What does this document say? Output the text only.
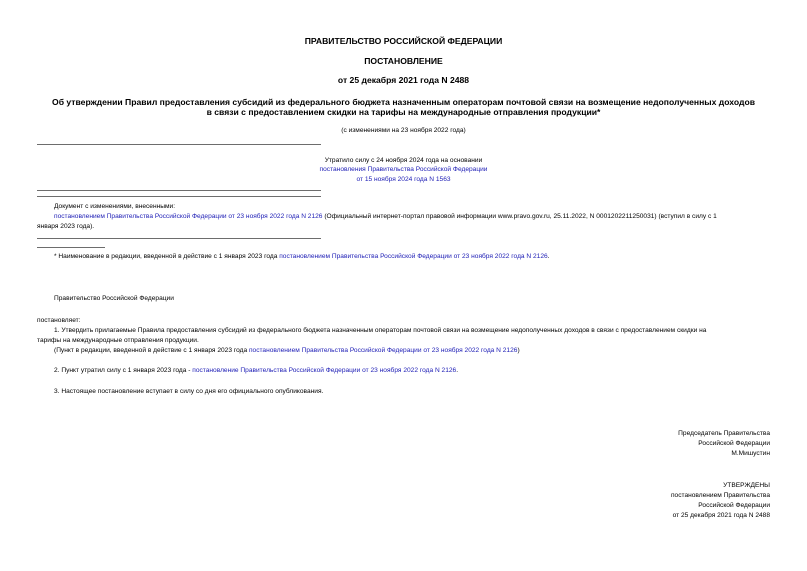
ПРАВИТЕЛЬСТВО РОССИЙСКОЙ ФЕДЕРАЦИИ
ПОСТАНОВЛЕНИЕ
от 25 декабря 2021 года N 2488
Об утверждении Правил предоставления субсидий из федерального бюджета назначенным операторам почтовой связи на возмещение недополученных доходов
в связи с предоставлением скидки на тарифы на международные отправления продукции*
(с изменениями на 23 ноября 2022 года)
Утратило силу с 24 ноября 2024 года на основании
постановления Правительства Российской Федерации
от 15 ноября 2024 года N 1563
Документ с изменениями, внесенными:
постановлением Правительства Российской Федерации от 23 ноября 2022 года N 2126 (Официальный интернет-портал правовой информации www.pravo.gov.ru, 25.11.2022, N 0001202211250031) (вступил в силу с 1
января 2023 года).
* Наименование в редакции, введенной в действие с 1 января 2023 года постановлением Правительства Российской Федерации от 23 ноября 2022 года N 2126.
Правительство Российской Федерации
постановляет:
1. Утвердить прилагаемые Правила предоставления субсидий из федерального бюджета назначенным операторам почтовой связи на возмещение недополученных доходов в связи с предоставлением скидки на
тарифы на международные отправления продукции.
(Пункт в редакции, введенной в действие с 1 января 2023 года постановлением Правительства Российской Федерации от 23 ноября 2022 года N 2126)
2. Пункт утратил силу с 1 января 2023 года - постановление Правительства Российской Федерации от 23 ноября 2022 года N 2126.
3. Настоящее постановление вступает в силу со дня его официального опубликования.
Председатель Правительства
Российской Федерации
М.Мишустин
УТВЕРЖДЕНЫ
постановлением Правительства
Российской Федерации
от 25 декабря 2021 года N 2488
